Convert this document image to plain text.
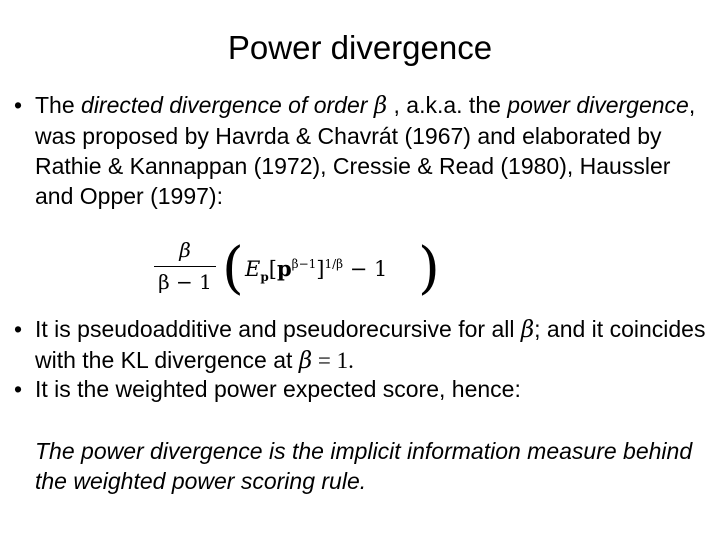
Power divergence
• The directed divergence of order β , a.k.a. the power divergence, was proposed by Havrda & Chavrát (1967) and elaborated by Rathie & Kannappan (1972), Cressie & Read (1980), Haussler and Opper (1997):
β
β − 1 ( $E_p[p^{\beta-1}]^{1/\beta} - 1$ )
• It is pseudoadditive and pseudorecursive for all β; and it coincides with the KL divergence at β = 1.
• It is the weighted power expected score, hence:
The power divergence is the implicit information measure behind the weighted power scoring rule.
